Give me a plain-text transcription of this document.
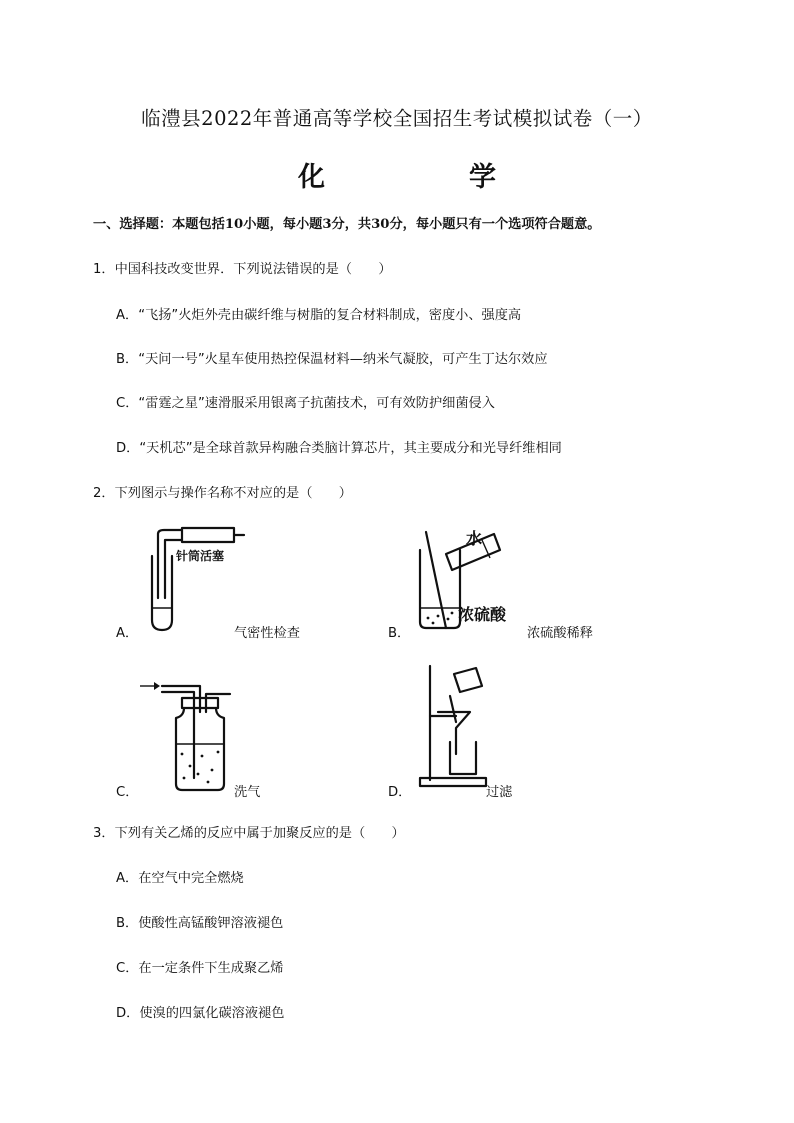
临澧县2022年普通高等学校全国招生考试模拟试卷（一）
化	学
一、选择题：本题包括10小题，每小题3分，共30分，每小题只有一个选项符合题意。
1．中国科技改变世界．下列说法错误的是（　　）
A．“飞扬”火炬外壳由碳纤维与树脂的复合材料制成，密度小、强度高
B．“天问一号”火星车使用热控保温材料—纳米气凝胶，可产生丁达尔效应
C．“雷霆之星”速滑服采用银离子抗菌技术，可有效防护细菌侵入
D．“天机芯”是全球首款异构融合类脑计算芯片，其主要成分和光导纤维相同
2．下列图示与操作名称不对应的是（　　）
针筒活塞
A．	气密性检查
水
浓硫酸
B．	浓硫酸稀释
C．	洗气	D．	过滤
3．下列有关乙烯的反应中属于加聚反应的是（　　）
A．在空气中完全燃烧
B．使酸性高锰酸钾溶液褪色
C．在一定条件下生成聚乙烯
D．使溴的四氯化碳溶液褪色
